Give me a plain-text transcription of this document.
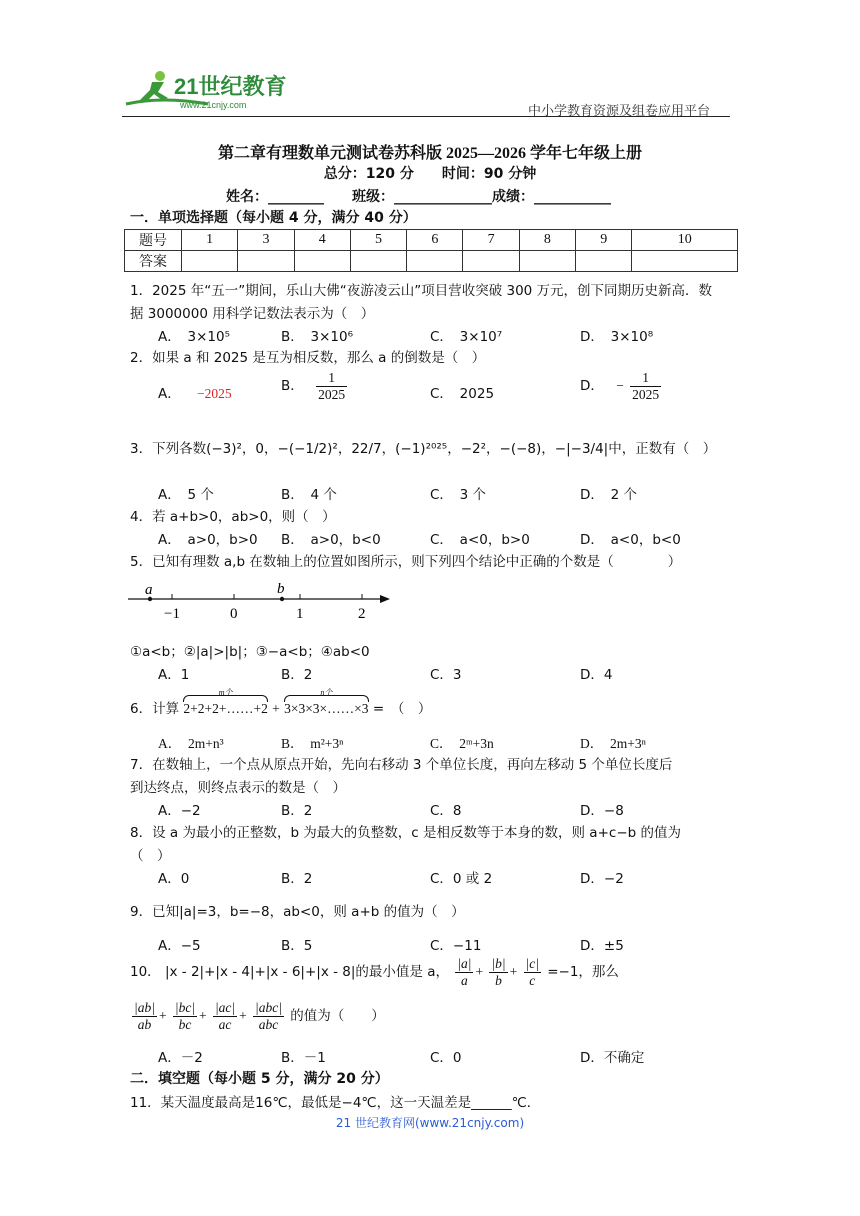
21世纪教育
www.21cnjy.com	中小学教育资源及组卷应用平台
第二章有理数单元测试卷苏科版 2025—2026 学年七年级上册
总分：120 分　　时间：90 分钟
姓名：________　　班级：______________成绩：___________
一．单项选择题（每小题 4 分，满分 40 分）
题号	1	3	4	5	6	7	8	9	10
答案									
1．2025 年“五一”期间，乐山大佛“夜游凌云山”项目营收突破 300 万元，创下同期历史新高．数
据 3000000 用科学记数法表示为（　）
A．　3×10⁵	B．　3×10⁶	C．　3×10⁷	D．　3×10⁸
2．如果 a 和 2025 是互为相反数，那么 a 的倒数是（　）
A． −2025	B． $\frac{1}{2025}$	C．　2025	D． − $\frac{1}{2025}$
3．下列各数(−3)²，0，−(−1/2)²，22/7，(−1)²⁰²⁵，−2²，−(−8)，−|−3/4|中，正数有（　）
A．　5 个	B．　4 个	C．　3 个	D．　2 个
4．若 a+b>0，ab>0，则（　）
A．　a>0，b>0 B．　a>0，b<0	C．　a<0，b>0	D．　a<0，b<0
5．已知有理数 a,b 在数轴上的位置如图所示，则下列四个结论中正确的个数是（　　　　）
a	b
−1	0	1	2
①a<b；②|a|>|b|；③−a<b；④ab<0
A．1	B．2	C．3	D．4
6．计算
m个
2+2+2+……+2 +
n个
3×3×3×……×3 =　（　）
A．　2m+n³	B．　m²+3ⁿ	C．　2ᵐ+3n	D．　2m+3ⁿ
7．在数轴上，一个点从原点开始，先向右移动 3 个单位长度，再向左移动 5 个单位长度后
到达终点，则终点表示的数是（　）
A．−2	B．2	C．8	D．−8
8．设 a 为最小的正整数，b 为最大的负整数，c 是相反数等于本身的数，则 a+c−b 的值为
（　）
A．0	B．2	C．0 或 2	D．−2
9．已知|a|=3，b=−8，ab<0，则 a+b 的值为（　）
A．−5	B．5	C．−11	D．±5
10． |x - 2|+|x - 4|+|x - 6|+|x - 8|的最小值是 a， $\frac{|a|}{a} + \frac{|b|}{b} + \frac{|c|}{c} =-1$，那么
$\frac{|ab|}{ab} + \frac{|bc|}{bc} + \frac{|ac|}{ac} + \frac{\text{|abc|}}{\text{abc}}$ 的值为（　　）
A．－2	B．－1	C．0	D．不确定
二．填空题（每小题 5 分，满分 20 分）
11．某天温度最高是16℃，最低是−4℃，这一天温差是______℃．
21 世纪教育网(www.21cnjy.com)
